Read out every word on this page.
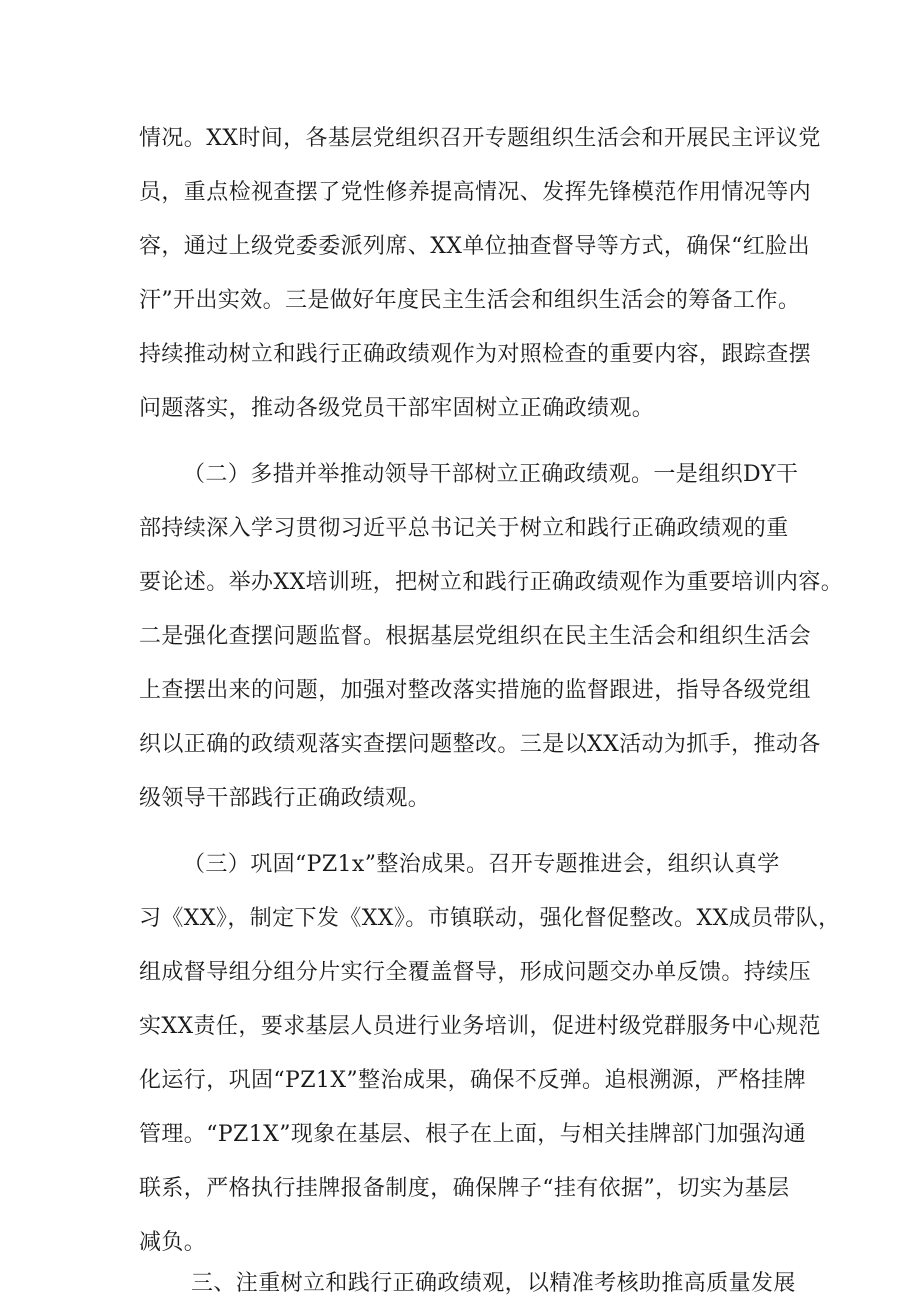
情况。XX时间，各基层党组织召开专题组织生活会和开展民主评议党
员，重点检视查摆了党性修养提高情况、发挥先锋模范作用情况等内
容，通过上级党委委派列席、XX单位抽查督导等方式，确保“红脸出
汗”开出实效。三是做好年度民主生活会和组织生活会的筹备工作。
持续推动树立和践行正确政绩观作为对照检查的重要内容，跟踪查摆
问题落实，推动各级党员干部牢固树立正确政绩观。
（二）多措并举推动领导干部树立正确政绩观。一是组织DY干
部持续深入学习贯彻习近平总书记关于树立和践行正确政绩观的重
要论述。举办XX培训班，把树立和践行正确政绩观作为重要培训内容。
二是强化查摆问题监督。根据基层党组织在民主生活会和组织生活会
上查摆出来的问题，加强对整改落实措施的监督跟进，指导各级党组
织以正确的政绩观落实查摆问题整改。三是以XX活动为抓手，推动各
级领导干部践行正确政绩观。
（三）巩固“PZ1x”整治成果。召开专题推进会，组织认真学
习《XX》，制定下发《XX》。市镇联动，强化督促整改。XX成员带队，
组成督导组分组分片实行全覆盖督导，形成问题交办单反馈。持续压
实XX责任，要求基层人员进行业务培训，促进村级党群服务中心规范
化运行，巩固“PZ1X”整治成果，确保不反弹。追根溯源，严格挂牌
管理。“PZ1X”现象在基层、根子在上面，与相关挂牌部门加强沟通
联系，严格执行挂牌报备制度，确保牌子“挂有依据”，切实为基层
减负。
三、注重树立和践行正确政绩观，以精准考核助推高质量发展
